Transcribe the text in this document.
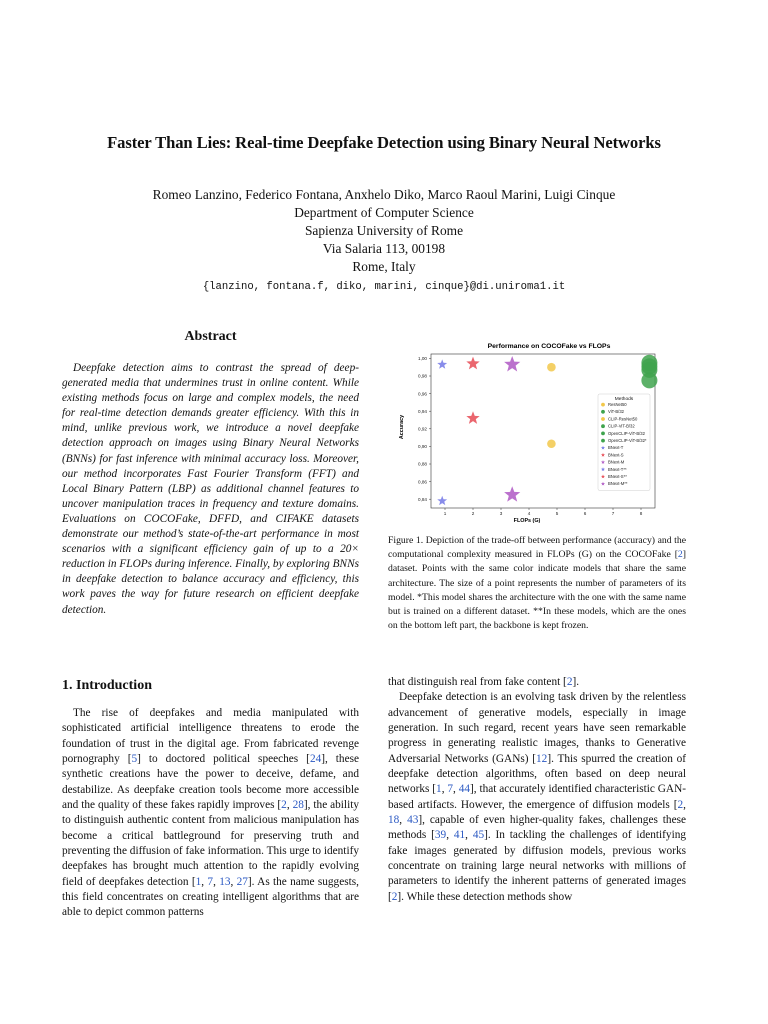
Faster Than Lies: Real-time Deepfake Detection using Binary Neural Networks
Romeo Lanzino, Federico Fontana, Anxhelo Diko, Marco Raoul Marini, Luigi Cinque
Department of Computer Science
Sapienza University of Rome
Via Salaria 113, 00198
Rome, Italy
{lanzino, fontana.f, diko, marini, cinque}@di.uniroma1.it
Abstract
Deepfake detection aims to contrast the spread of deep-generated media that undermines trust in online content. While existing methods focus on large and complex models, the need for real-time detection demands greater efficiency. With this in mind, unlike previous work, we introduce a novel deepfake detection approach on images using Binary Neural Networks (BNNs) for fast inference with minimal accuracy loss. Moreover, our method incorporates Fast Fourier Transform (FFT) and Local Binary Pattern (LBP) as additional channel features to uncover manipulation traces in frequency and texture domains. Evaluations on COCOFake, DFFD, and CIFAKE datasets demonstrate our method’s state-of-the-art performance in most scenarios with a significant efficiency gain of up to a 20× reduction in FLOPs during inference. Finally, by exploring BNNs in deepfake detection to balance accuracy and efficiency, this work paves the way for future research on efficient deepfake detection.
1. Introduction

The rise of deepfakes and media manipulated with sophisticated artificial intelligence threatens to erode the foundation of trust in the digital age. From fabricated revenge pornography [5] to doctored political speeches [24], these synthetic creations have the power to deceive, defame, and destabilize. As deepfake creation tools become more accessible and the quality of these fakes rapidly improves [2, 28], the ability to distinguish authentic content from malicious manipulation has become a critical battleground for preserving truth and preventing the diffusion of fake information. This urge to identify deepfakes has brought much attention to the rapidly evolving field of deepfakes detection [1, 7, 13, 27]. As the name suggests, this field concentrates on creating intelligent algorithms that are able to depict common patterns

that distinguish real from fake content [2].

Deepfake detection is an evolving task driven by the relentless advancement of generative models, especially in image generation. In such regard, recent years have seen remarkable progress in generating realistic images, thanks to Generative Adversarial Networks (GANs) [12]. This spurred the creation of deepfake detection algorithms, often based on deep neural networks [1, 7, 44], that accurately identified characteristic GAN-based artifacts. However, the emergence of diffusion models [2, 18, 43], capable of even higher-quality fakes, challenges these methods [39, 41, 45]. In tackling the challenges of identifying fake images generated by diffusion models, previous works concentrate on training large neural networks with millions of parameters to identify the inherent patterns of generated images [2]. While these detection methods show

Performance on COCOFake vs FLOPs
0,84
0,86
0,88
0,90
0,92
0,94
0,96
0,98
1,00
1	2	3	4	5	6	7	8
Methods
ResNet50
ViT-B/32
CLIP-ResNet50
CLIP-ViT-B/32
OpenCLIP-ViT-B/32
OpenCLIP-ViT-B/32*
BNext-T
BNext-S
BNext-M
BNext-T**
BNext-S**
BNext-M**
FLOPs (G)
Accuracy
Figure 1. Depiction of the trade-off between performance (accuracy) and the computational complexity measured in FLOPs (G) on the COCOFake [2] dataset. Points with the same color indicate models that share the same architecture. The size of a point represents the number of parameters of its model. *This model shares the architecture with the one with the same name but is trained on a different dataset. **In these models, which are the ones on the bottom left part, the backbone is kept frozen.
